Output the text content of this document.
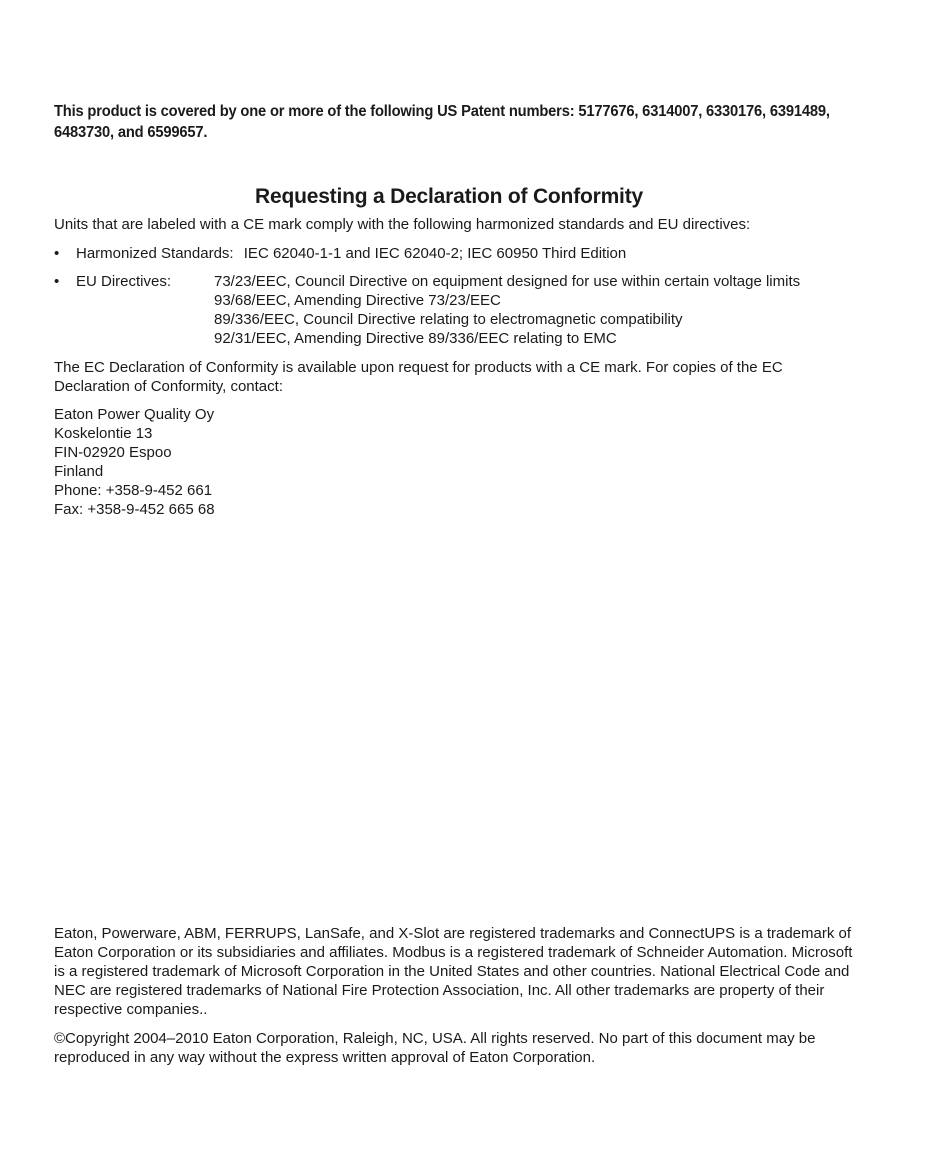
This product is covered by one or more of the following US Patent numbers: 5177676, 6314007, 6330176, 6391489, 6483730, and 6599657.
Requesting a Declaration of Conformity

Units that are labeled with a CE mark comply with the following harmonized standards and EU directives:

• Harmonized Standards: IEC 62040-1-1 and IEC 62040-2; IEC 60950 Third Edition
• EU Directives:	73/23/EEC, Council Directive on equipment designed for use within certain voltage limits
93/68/EEC, Amending Directive 73/23/EEC
89/336/EEC, Council Directive relating to electromagnetic compatibility
92/31/EEC, Amending Directive 89/336/EEC relating to EMC

The EC Declaration of Conformity is available upon request for products with a CE mark. For copies of the EC Declaration of Conformity, contact:

Eaton Power Quality Oy
Koskelontie 13
FIN-02920 Espoo
Finland
Phone: +358-9-452 661
Fax: +358-9-452 665 68

Eaton, Powerware, ABM, FERRUPS, LanSafe, and X-Slot are registered trademarks and ConnectUPS is a trademark of Eaton Corporation or its subsidiaries and affiliates. Modbus is a registered trademark of Schneider Automation. Microsoft is a registered trademark of Microsoft Corporation in the United States and other countries. National Electrical Code and NEC are registered trademarks of National Fire Protection Association, Inc. All other trademarks are property of their respective companies..

©Copyright 2004–2010 Eaton Corporation, Raleigh, NC, USA. All rights reserved. No part of this document may be reproduced in any way without the express written approval of Eaton Corporation.
